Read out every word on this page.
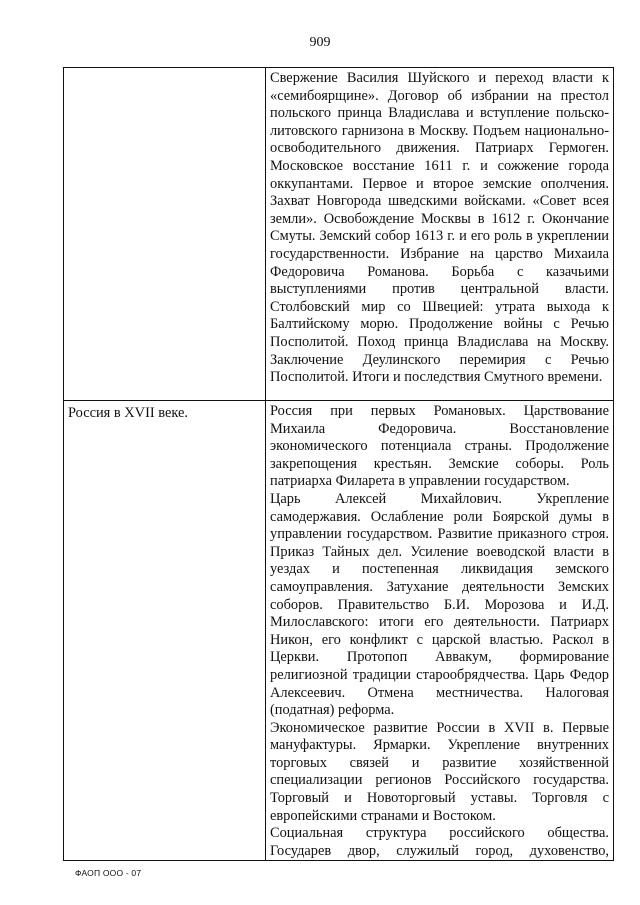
909

	Свержение Василия Шуйского и переход власти к «семибоярщине». Договор об избрании на престол польского принца Владислава и вступление польско-литовского гарнизона в Москву. Подъем национально-освободительного движения. Патриарх Гермоген. Московское восстание 1611 г. и сожжение города оккупантами. Первое и второе земские ополчения. Захват Новгорода шведскими войсками. «Совет всея земли». Освобождение Москвы в 1612 г. Окончание Смуты. Земский собор 1613 г. и его роль в укреплении государственности. Избрание на царство Михаила Федоровича Романова. Борьба с казачьими выступлениями против центральной власти. Столбовский мир со Швецией: утрата выхода к Балтийскому морю. Продолжение войны с Речью Посполитой. Поход принца Владислава на Москву. Заключение Деулинского перемирия с Речью Посполитой. Итоги и последствия Смутного времени.

Россия в XVII веке.	Россия при первых Романовых. Царствование Михаила Федоровича. Восстановление экономического потенциала страны. Продолжение закрепощения крестьян. Земские соборы. Роль патриарха Филарета в управлении государством.

Царь Алексей Михайлович. Укрепление самодержавия. Ослабление роли Боярской думы в управлении государством. Развитие приказного строя. Приказ Тайных дел. Усиление воеводской власти в уездах и постепенная ликвидация земского самоуправления. Затухание деятельности Земских соборов. Правительство Б.И. Морозова и И.Д. Милославского: итоги его деятельности. Патриарх Никон, его конфликт с царской властью. Раскол в Церкви. Протопоп Аввакум, формирование религиозной традиции старообрядчества. Царь Федор Алексеевич. Отмена местничества. Налоговая (податная) реформа.

Экономическое развитие России в XVII в. Первые мануфактуры. Ярмарки. Укрепление внутренних торговых связей и развитие хозяйственной специализации регионов Российского государства. Торговый и Новоторговый уставы. Торговля с европейскими странами и Востоком.

Социальная структура российского общества. Государев двор, служилый город, духовенство,

ФАОП ООО - 07
